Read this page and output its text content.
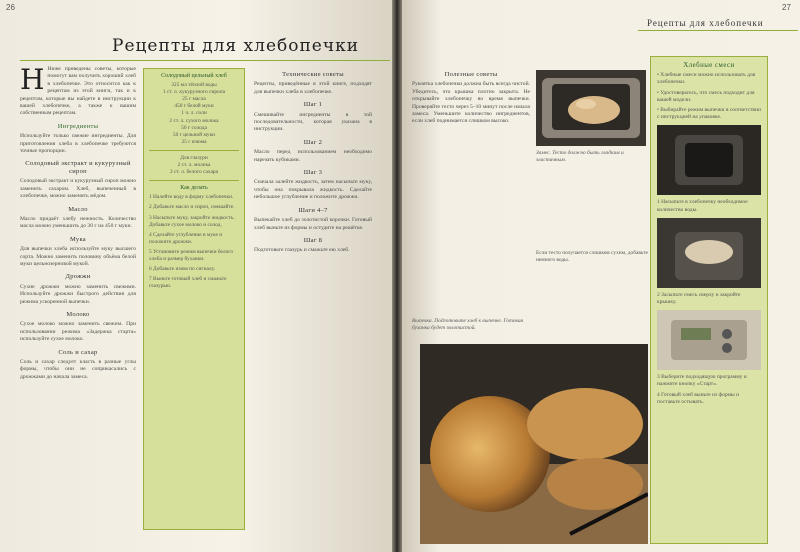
26
Рецепты для хлебопечки

Н Ниже приведены советы, которые помогут вам получить хороший хлеб в хлебопечке. Это относится как к рецептам из этой книги, так и к рецептам, которые вы найдете в инструкции к вашей хлебопечке, а также к вашим собственным рецептам.

Ингредиенты

Используйте только свежие ингредиенты. Для приготовления хлеба в хлебопечке требуются точные пропорции.

Солодовый экстракт и кукурузный сироп

Солодовый экстракт и кукурузный сироп можно заменить сахаром. Хлеб, выпеченный в хлебопечке, можно заменить мёдом.

Масло

Масло придаёт хлебу нежность. Количество масла можно уменьшить до 30 г на 450 г муки.

Мука

Для выпечки хлеба используйте муку высшего сорта. Можно заменить половину объёма белой муки цельнозерновой мукой.

Дрожжи

Сухие дрожжи можно заменить свежими. Используйте дрожжи быстрого действия для режима ускоренной выпечки.

Молоко

Сухое молоко можно заменить свежим. При использовании режима «Задержка старта» используйте сухое молоко.

Соль и сахар

Соль и сахар следует класть в разные углы формы, чтобы они не соприкасались с дрожжами до начала замеса.

Солодовый цельный хлеб
325 мл тёплой воды
1 ст. л. кукурузного сиропа
25 г масла
450 г белой муки
1 ч. л. соли
2 ст. л. сухого молока
50 г солода
50 г цельной муки
25 г изюма
Для глазури
2 ст. л. молока
2 ст. л. белого сахара
Как делать

1 Налейте воду в форму хлебопечки.

2 Добавьте масло и сироп, смешайте.

3 Насыпьте муку, закройте жидкость. Добавьте сухое молоко и солод.

4 Сделайте углубление в муке и положите дрожжи.

5 Установите режим выпечки белого хлеба и размер буханки.

6 Добавьте изюм по сигналу.

7 Выньте готовый хлеб и смажьте глазурью.

Технические советы

Рецепты, приведённые в этой книге, подходят для выпечки хлеба в хлебопечке.

Шаг 1

Смешивайте ингредиенты в той последовательности, которая указана в инструкции.

Шаг 2

Масло перед использованием необходимо нарезать кубиками.

Шаг 3

Сначала залейте жидкость, затем насыпьте муку, чтобы она покрывала жидкость. Сделайте небольшое углубление и положите дрожжи.

Шаги 4–7

Выпекайте хлеб до золотистой корочки. Готовый хлеб выньте из формы и остудите на решётке.

Шаг 8

Подготовьте глазурь и смажьте ею хлеб.

Рецепты для хлебопечки
27
Полезные советы

Рукоятка хлебопечки должна быть всегда чистой. Убедитесь, что крышка плотно закрыта. Не открывайте хлебопечку во время выпечки. Проверяйте тесто через 5–10 минут после начала замеса. Уменьшите количество ингредиентов, если хлеб поднимается слишком высоко.

Замес. Тесто должно быть гладким и эластичным.
Если тесто получается слишком сухим, добавьте немного воды.
Выпечка. Подготовьте хлеб к выпечке. Готовая буханка будет золотистой.
Хлебные смеси

• Хлебные смеси можно использовать для хлебопечки.

• Удостоверьтесь, что смесь подходит для вашей модели.

• Выбирайте режим выпечки в соответствии с инструкцией на упаковке.

1 Насыпьте в хлебопечку необходимое количество воды.

2 Засыпьте смесь сверху и закройте крышку.

3 Выберите подходящую программу и нажмите кнопку «Старт».

4 Готовый хлеб выньте из формы и поставьте остывать.
